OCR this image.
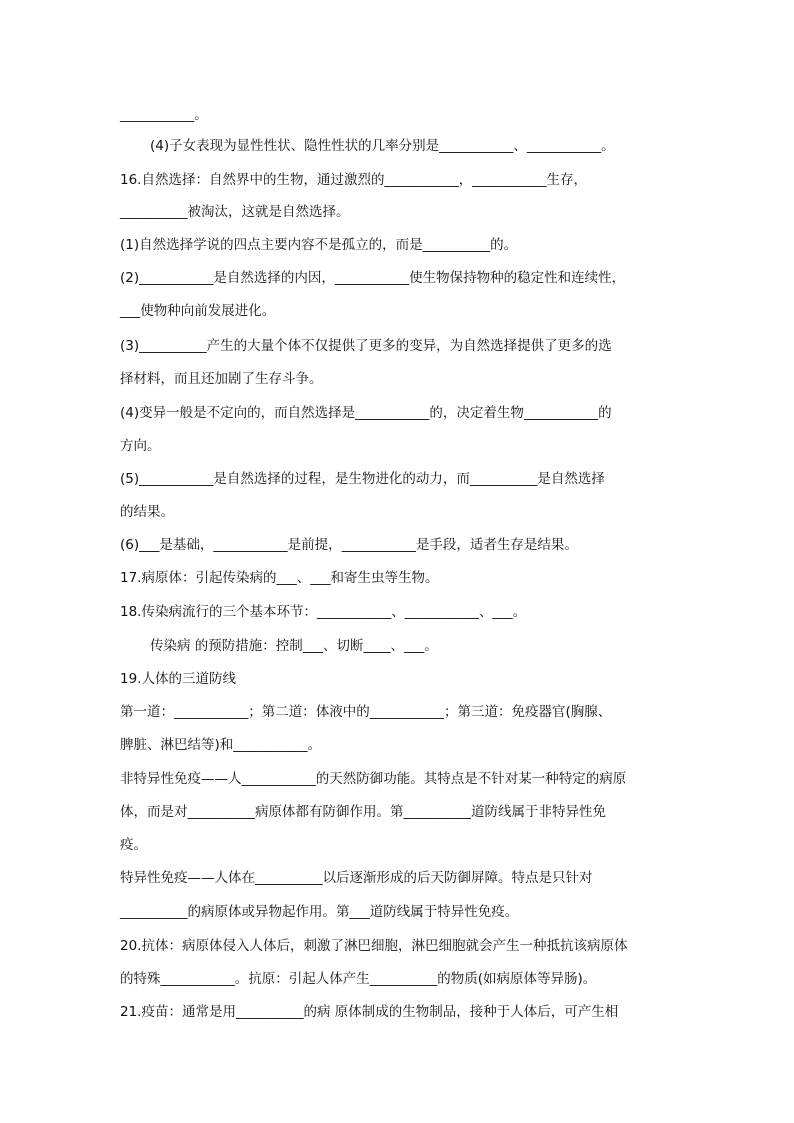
___________。
(4)子女表现为显性性状、隐性性状的几率分别是___________、___________。
16.自然选择：自然界中的生物，通过激烈的___________，___________生存，
__________被淘汰，这就是自然选择。
(1)自然选择学说的四点主要内容不是孤立的，而是__________的。
(2)___________是自然选择的内因，___________使生物保持物种的稳定性和连续性，
___使物种向前发展进化。
(3)__________产生的大量个体不仅提供了更多的变异，为自然选择提供了更多的选
择材料，而且还加剧了生存斗争。
(4)变异一般是不定向的，而自然选择是___________的，决定着生物___________的
方向。
(5)___________是自然选择的过程，是生物进化的动力，而__________是自然选择
的结果。
(6)___是基础，___________是前提，___________是手段，适者生存是结果。
17.病原体：引起传染病的___、___和寄生虫等生物。
18.传染病流行的三个基本环节：___________、___________、___。
传染病 的预防措施：控制___、切断____、___。
19.人体的三道防线
第一道：___________；第二道：体液中的___________；第三道：免疫器官(胸腺、
脾脏、淋巴结等)和___________。
非特异性免疫——人___________的天然防御功能。其特点是不针对某一种特定的病原
体，而是对__________病原体都有防御作用。第__________道防线属于非特异性免
疫。
特异性免疫——人体在__________以后逐渐形成的后天防御屏障。特点是只针对
__________的病原体或异物起作用。第___道防线属于特异性免疫。
20.抗体：病原体侵入人体后，刺激了淋巴细胞，淋巴细胞就会产生一种抵抗该病原体
的特殊___________。抗原：引起人体产生__________的物质(如病原体等异肠)。
21.疫苗：通常是用__________的病 原体制成的生物制品，接种于人体后，可产生相
